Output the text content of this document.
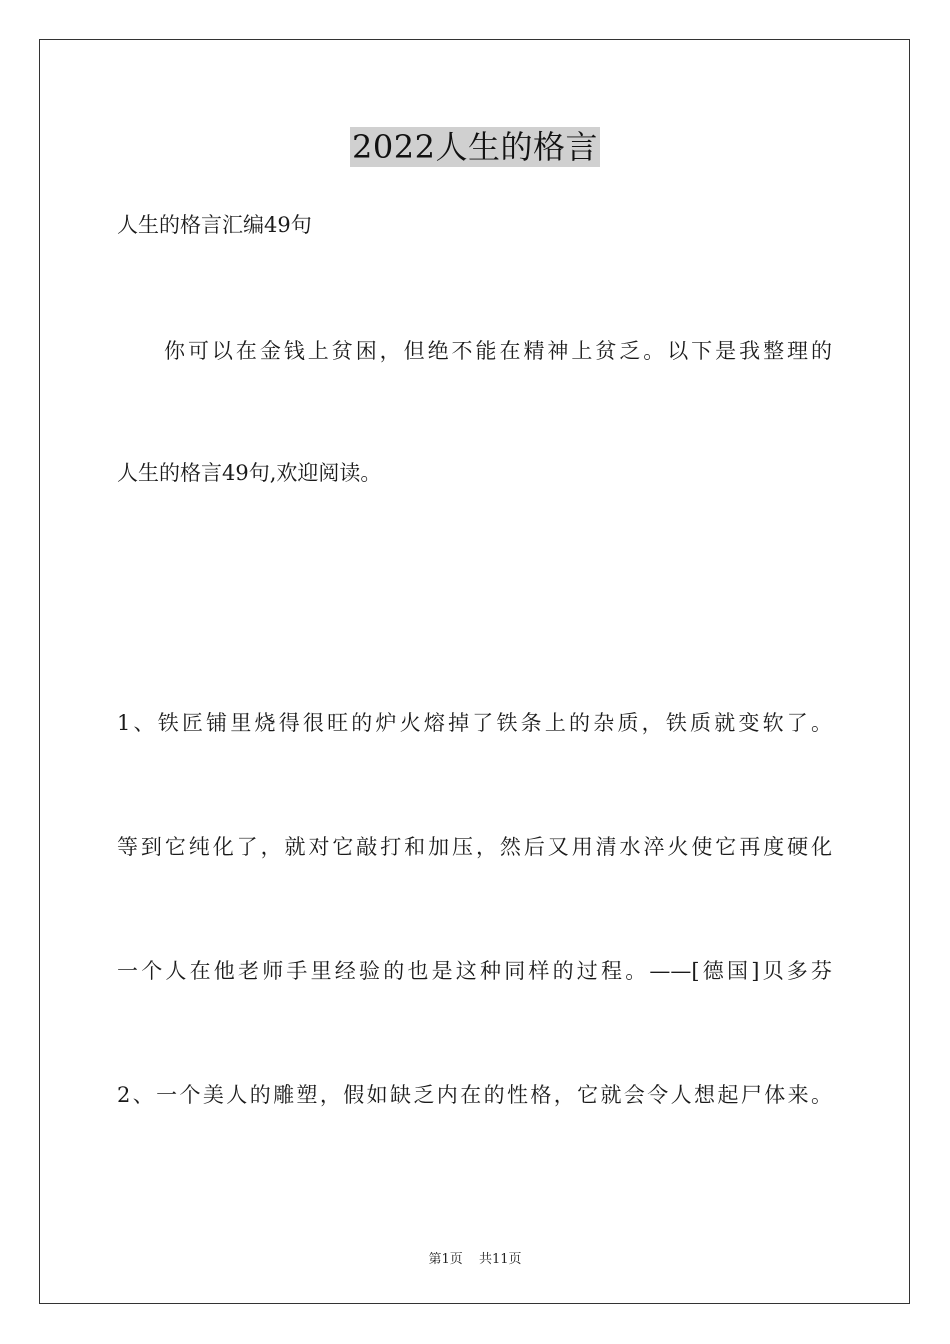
2022人生的格言
人生的格言汇编49句
你可以在金钱上贫困，但绝不能在精神上贫乏。以下是我整理的
人生的格言49句,欢迎阅读。
1、铁匠铺里烧得很旺的炉火熔掉了铁条上的杂质，铁质就变软了。
等到它纯化了，就对它敲打和加压，然后又用清水淬火使它再度硬化
一个人在他老师手里经验的也是这种同样的过程。——[德国]贝多芬
2、一个美人的雕塑，假如缺乏内在的性格，它就会令人想起尸体来。
第1页 共11页
